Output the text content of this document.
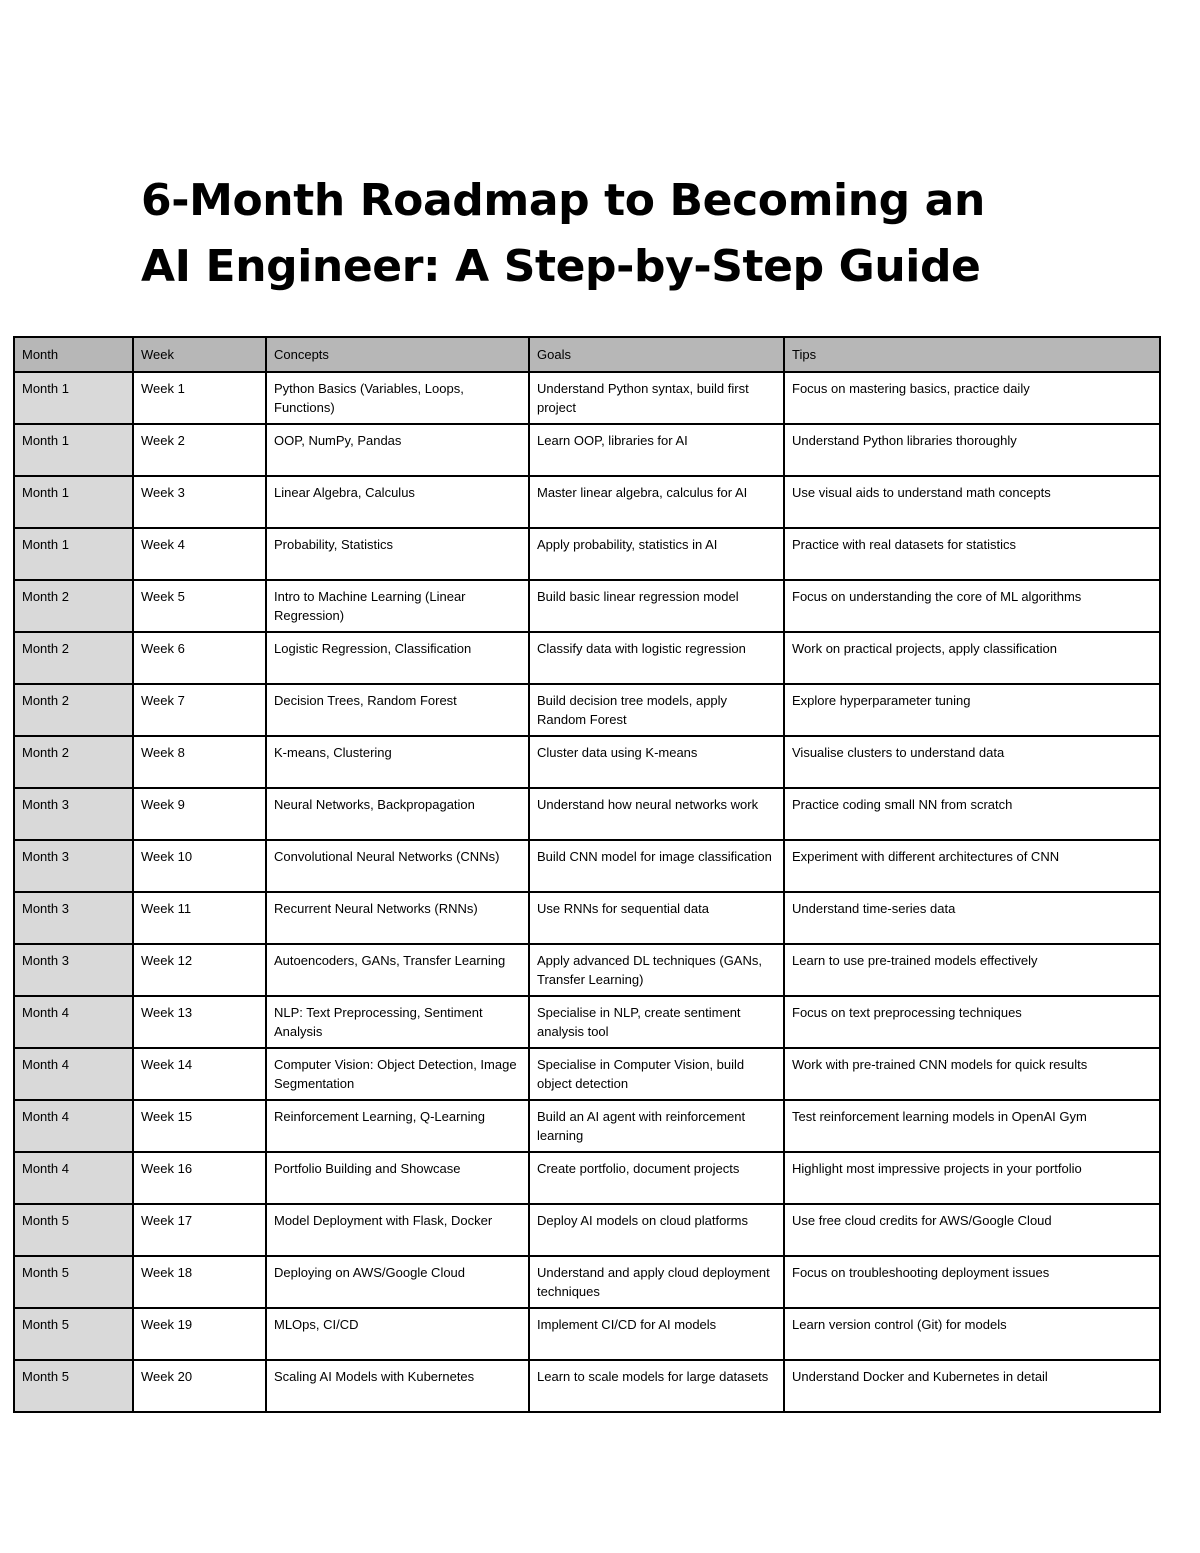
6-Month Roadmap to Becoming an
AI Engineer: A Step-by-Step Guide
Month	Week	Concepts	Goals	Tips
Month 1	Week 1	Python Basics (Variables, Loops, Functions)	Understand Python syntax, build first project	Focus on mastering basics, practice daily
Month 1	Week 2	OOP, NumPy, Pandas	Learn OOP, libraries for AI	Understand Python libraries thoroughly
Month 1	Week 3	Linear Algebra, Calculus	Master linear algebra, calculus for AI	Use visual aids to understand math concepts
Month 1	Week 4	Probability, Statistics	Apply probability, statistics in AI	Practice with real datasets for statistics
Month 2	Week 5	Intro to Machine Learning (Linear Regression)	Build basic linear regression model	Focus on understanding the core of ML algorithms
Month 2	Week 6	Logistic Regression, Classification	Classify data with logistic regression	Work on practical projects, apply classification
Month 2	Week 7	Decision Trees, Random Forest	Build decision tree models, apply Random Forest	Explore hyperparameter tuning
Month 2	Week 8	K-means, Clustering	Cluster data using K-means	Visualise clusters to understand data
Month 3	Week 9	Neural Networks, Backpropagation	Understand how neural networks work	Practice coding small NN from scratch
Month 3	Week 10	Convolutional Neural Networks (CNNs)	Build CNN model for image classification	Experiment with different architectures of CNN
Month 3	Week 11	Recurrent Neural Networks (RNNs)	Use RNNs for sequential data	Understand time-series data
Month 3	Week 12	Autoencoders, GANs, Transfer Learning	Apply advanced DL techniques (GANs, Transfer Learning)	Learn to use pre-trained models effectively
Month 4	Week 13	NLP: Text Preprocessing, Sentiment Analysis	Specialise in NLP, create sentiment analysis tool	Focus on text preprocessing techniques
Month 4	Week 14	Computer Vision: Object Detection, Image Segmentation	Specialise in Computer Vision, build object detection	Work with pre-trained CNN models for quick results
Month 4	Week 15	Reinforcement Learning, Q-Learning	Build an AI agent with reinforcement learning	Test reinforcement learning models in OpenAI Gym
Month 4	Week 16	Portfolio Building and Showcase	Create portfolio, document projects	Highlight most impressive projects in your portfolio
Month 5	Week 17	Model Deployment with Flask, Docker	Deploy AI models on cloud platforms	Use free cloud credits for AWS/Google Cloud
Month 5	Week 18	Deploying on AWS/Google Cloud	Understand and apply cloud deployment techniques	Focus on troubleshooting deployment issues
Month 5	Week 19	MLOps, CI/CD	Implement CI/CD for AI models	Learn version control (Git) for models
Month 5	Week 20	Scaling AI Models with Kubernetes	Learn to scale models for large datasets	Understand Docker and Kubernetes in detail
